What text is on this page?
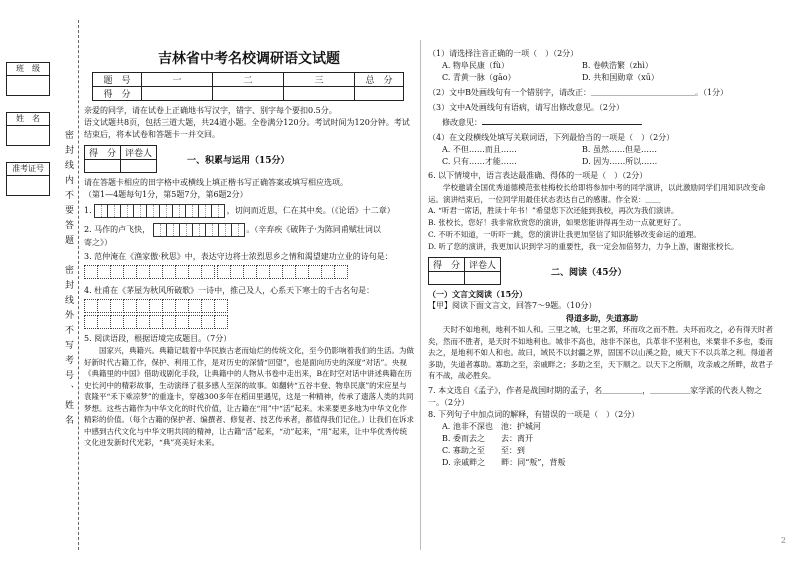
班　级
姓　名
准考证号	密封线内不要答题　密封线外不写考号、姓名
吉林省中考名校调研语文试题
题　号	一	二	三	总　分
得　分				
亲爱的同学，请在试卷上正确地书写汉字，错字、别字每个要扣0.5分。
语文试题共8页，包括三道大题，共24道小题。全卷满分120分。考试时间为120分钟。考试结束后，将本试卷和答题卡一并交回。
得　分	评卷人

一、积累与运用（15分）
请在答题卡相应的田字格中或横线上填正楷书写正确答案或填写相应选项。
（第1—4题每句1分，第5题7分，第6题2分）
1.	，切问而近思，仁在其中矣。（《论语》十二章）
2. 马作的卢飞快，	。（辛弃疾《破阵子·为陈同甫赋壮词以
寄之》）
3. 范仲淹在《渔家傲·秋思》中，表达守边将士浓烈思乡之情和渴望建功立业的诗句是：

4. 杜甫在《茅屋为秋风所破歌》一诗中，推己及人，心系天下寒士的千古名句是：
5. 阅读语段，根据语境完成题目。（7分）
　　国家兴，典籍兴。典籍记载着中华民族古老而灿烂的传统文化，至今仍影响着我们的生活。为做好新时代古籍工作，保护、利用工作，是对历史的深情“回望”，也是面向历史的深度“对话”。央视《典籍里的中国》借助戏剧化手段，让典籍中的人物从书卷中走出来，B在时空对话中讲述典籍在历史长河中的精彩故事，生动演绎了很多感人至深的故事。如翻转“五谷丰登、物阜民康”的宋应星与袁隆平“禾下乘凉梦”的重逢卡，穿越300多年在稻田里遇见，这是一种精神，传承了遗落人类的共同梦想。这些古籍作为中华文化的时代价值，让古籍在“用”中“活”起来。未来要更多地为中华文化作精彩的价值。（每个古籍的保护者、编撰者、修复者、技艺传承者，都值得我们记住。）让我们在诉求中感到古代文化与中华文明共同的精神，让古籍“活”起来，“动”起来，“用”起来，让中华优秀传统文化迸发新时代光彩，“典”亮美好未来。
（1）请选择注音正确的一项（　）（2分）
A. 物阜民康（fù）	B. 卷帙浩繁（zhì）
C. 青黄一脉（gāo）	D. 共和国勋章（xū）
（2）文中B处画线句有一个错别字，请改正：＿＿＿＿＿＿＿＿＿＿＿＿＿。（1分）
（3）文中A处画线句有语病，请写出修改意见。（2分）
修改意见：
（4）在文段横线处填写关联词语，下列最恰当的一项是（　）（2分）
A. 不但……而且……	B. 虽然……但是……
C. 只有……才能……	D. 因为……所以……
6. 以下情境中，语言表达最准确、得体的一项是（　）（2分）
　　学校邀请全国优秀道德模范张桂梅校长给即将参加中考的同学演讲，以此激励同学们用知识改变命运。演讲结束后，一位同学用最佳状态表达自己的感谢。作全说：＿＿
A. “听君一席话，胜读十年书！”希望您下次还能到我校，再次为我们演讲。
B. 张校长，您好！我非常欣赏您的演讲，如果您能讲得再生动一点就更好了。
C. 不听不知道，一听吓一跳，您的演讲让我更加坚信了知识能够改变命运的道理。
D. 听了您的演讲，我更加认识到学习的重要性，我一定会加倍努力，力争上游，谢谢张校长。
得　分	评卷人

二、阅读（45分）
（一）文言文阅读（15分）
【甲】阅读下面文言文，回答7～9题。（10分）
得道多助，失道寡助
　　天时不如地利，地利不如人和。三里之城，七里之郭，环而攻之而不胜。夫环而攻之，必有得天时者矣，然而不胜者，是天时不如地利也。城非不高也，池非不深也，兵革非不坚利也，米粟非不多也，委而去之，是地利不如人和也。故曰，域民不以封疆之界，固国不以山溪之险，威天下不以兵革之利。得道者多助，失道者寡助。寡助之至，亲戚畔之；多助之至，天下顺之。以天下之所顺，攻亲戚之所畔，故君子有不战，战必胜矣。
7. 本文选自《孟子》，作者是战国时期的孟子，名＿＿＿＿＿，＿＿＿＿＿家学派的代表人物之一。（2分）
8. 下列句子中加点词的解释，有错误的一项是（　）（2分）
A. 池非不深也　池：护城河
B. 委而去之　　去：离开
C. 寡助之至　　至：到
D. 亲戚畔之　　畔：同“叛”，背叛
2
